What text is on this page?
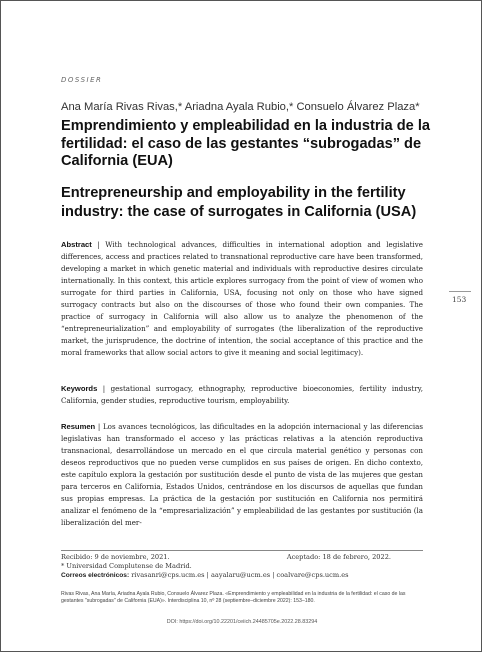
DOSSIER
Ana María Rivas Rivas,* Ariadna Ayala Rubio,* Consuelo Álvarez Plaza*
Emprendimiento y empleabilidad en la industria de la fertilidad: el caso de las gestantes “subrogadas” de California (EUA)
Entrepreneurship and employability in the fertility industry: the case of surrogates in California (USA)
153
Abstract | With technological advances, difficulties in international adoption and legislative differences, access and practices related to transnational reproductive care have been transformed, developing a market in which genetic material and individuals with reproductive desires circulate internationally. In this context, this article explores surrogacy from the point of view of women who surrogate for third parties in California, USA, focusing not only on those who have signed surrogacy contracts but also on the discourses of those who found their own companies. The practice of surrogacy in California will also allow us to analyze the phenomenon of the “entrepreneurialization” and employability of surrogates (the liberalization of the reproductive market, the jurisprudence, the doctrine of intention, the social acceptance of this practice and the moral frameworks that allow social actors to give it meaning and social legitimacy).
Keywords | gestational surrogacy, ethnography, reproductive bioeconomies, fertility industry, California, gender studies, reproductive tourism, employability.
Resumen | Los avances tecnológicos, las dificultades en la adopción internacional y las diferencias legislativas han transformado el acceso y las prácticas relativas a la atención reproductiva transnacional, desarrollándose un mercado en el que circula material genético y personas con deseos reproductivos que no pueden verse cumplidos en sus países de origen. En dicho contexto, este capítulo explora la gestación por sustitución desde el punto de vista de las mujeres que gestan para terceros en California, Estados Unidos, centrándose en los discursos de aquellas que fundan sus propias empresas. La práctica de la gestación por sustitución en California nos permitirá analizar el fenómeno de la “empresarialización” y empleabilidad de las gestantes por sustitución (la liberalización del mer-
Recibido: 9 de noviembre, 2021.	Aceptado: 18 de febrero, 2022.
* Universidad Complutense de Madrid.
Correos electrónicos: rivasanri@cps.ucm.es | aayalaru@ucm.es | coalvare@cps.ucm.es
Rivas Rivas, Ana María, Ariadna Ayala Rubio, Consuelo Álvarez Plaza. «Emprendimiento y empleabilidad en la industria de la fertilidad: el caso de las gestantes "subrogadas" de California (EUA)». Interdisciplina 10, nº 28 (septiembre–diciembre 2022): 153–180.
DOI: https://doi.org/10.22201/ceiich.24485705e.2022.28.83294
